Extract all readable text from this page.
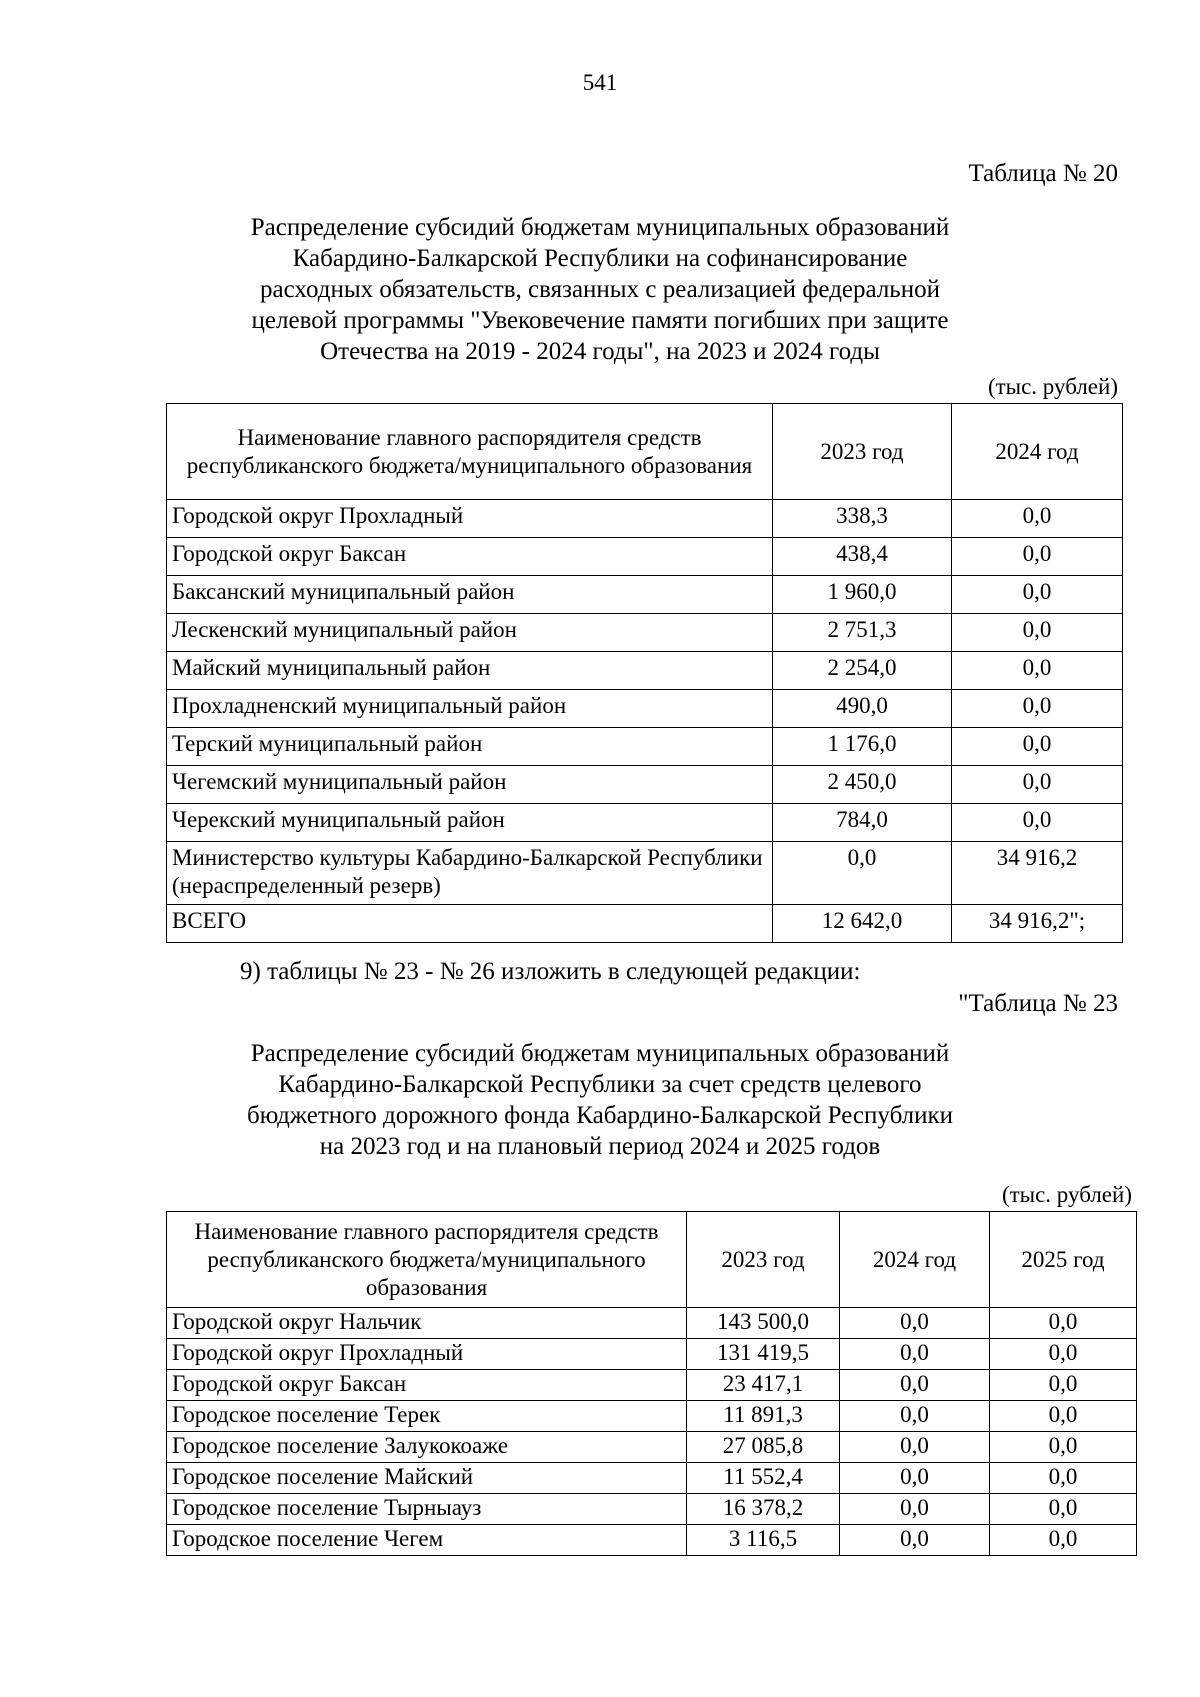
541
Таблица № 20
Распределение субсидий бюджетам муниципальных образований
Кабардино-Балкарской Республики на софинансирование
расходных обязательств, связанных с реализацией федеральной
целевой программы "Увековечение памяти погибших при защите
Отечества на 2019 - 2024 годы", на 2023 и 2024 годы
(тыс. рублей)
Наименование главного распорядителя средств республиканского бюджета/муниципального образования	2023 год	2024 год
Городской округ Прохладный	338,3	0,0
Городской округ Баксан	438,4	0,0
Баксанский муниципальный район	1 960,0	0,0
Лескенский муниципальный район	2 751,3	0,0
Майский муниципальный район	2 254,0	0,0
Прохладненский муниципальный район	490,0	0,0
Терский муниципальный район	1 176,0	0,0
Чегемский муниципальный район	2 450,0	0,0
Черекский муниципальный район	784,0	0,0
Министерство культуры Кабардино-Балкарской Республики (нераспределенный резерв)	0,0	34 916,2
ВСЕГО	12 642,0	34 916,2";
9) таблицы № 23 - № 26 изложить в следующей редакции:
"Таблица № 23
Распределение субсидий бюджетам муниципальных образований
Кабардино-Балкарской Республики за счет средств целевого
бюджетного дорожного фонда Кабардино-Балкарской Республики
на 2023 год и на плановый период 2024 и 2025 годов
(тыс. рублей)
Наименование главного распорядителя средств республиканского бюджета/муниципального образования	2023 год	2024 год	2025 год
Городской округ Нальчик	143 500,0	0,0	0,0
Городской округ Прохладный	131 419,5	0,0	0,0
Городской округ Баксан	23 417,1	0,0	0,0
Городское поселение Терек	11 891,3	0,0	0,0
Городское поселение Залукокоаже	27 085,8	0,0	0,0
Городское поселение Майский	11 552,4	0,0	0,0
Городское поселение Тырныауз	16 378,2	0,0	0,0
Городское поселение Чегем	3 116,5	0,0	0,0
